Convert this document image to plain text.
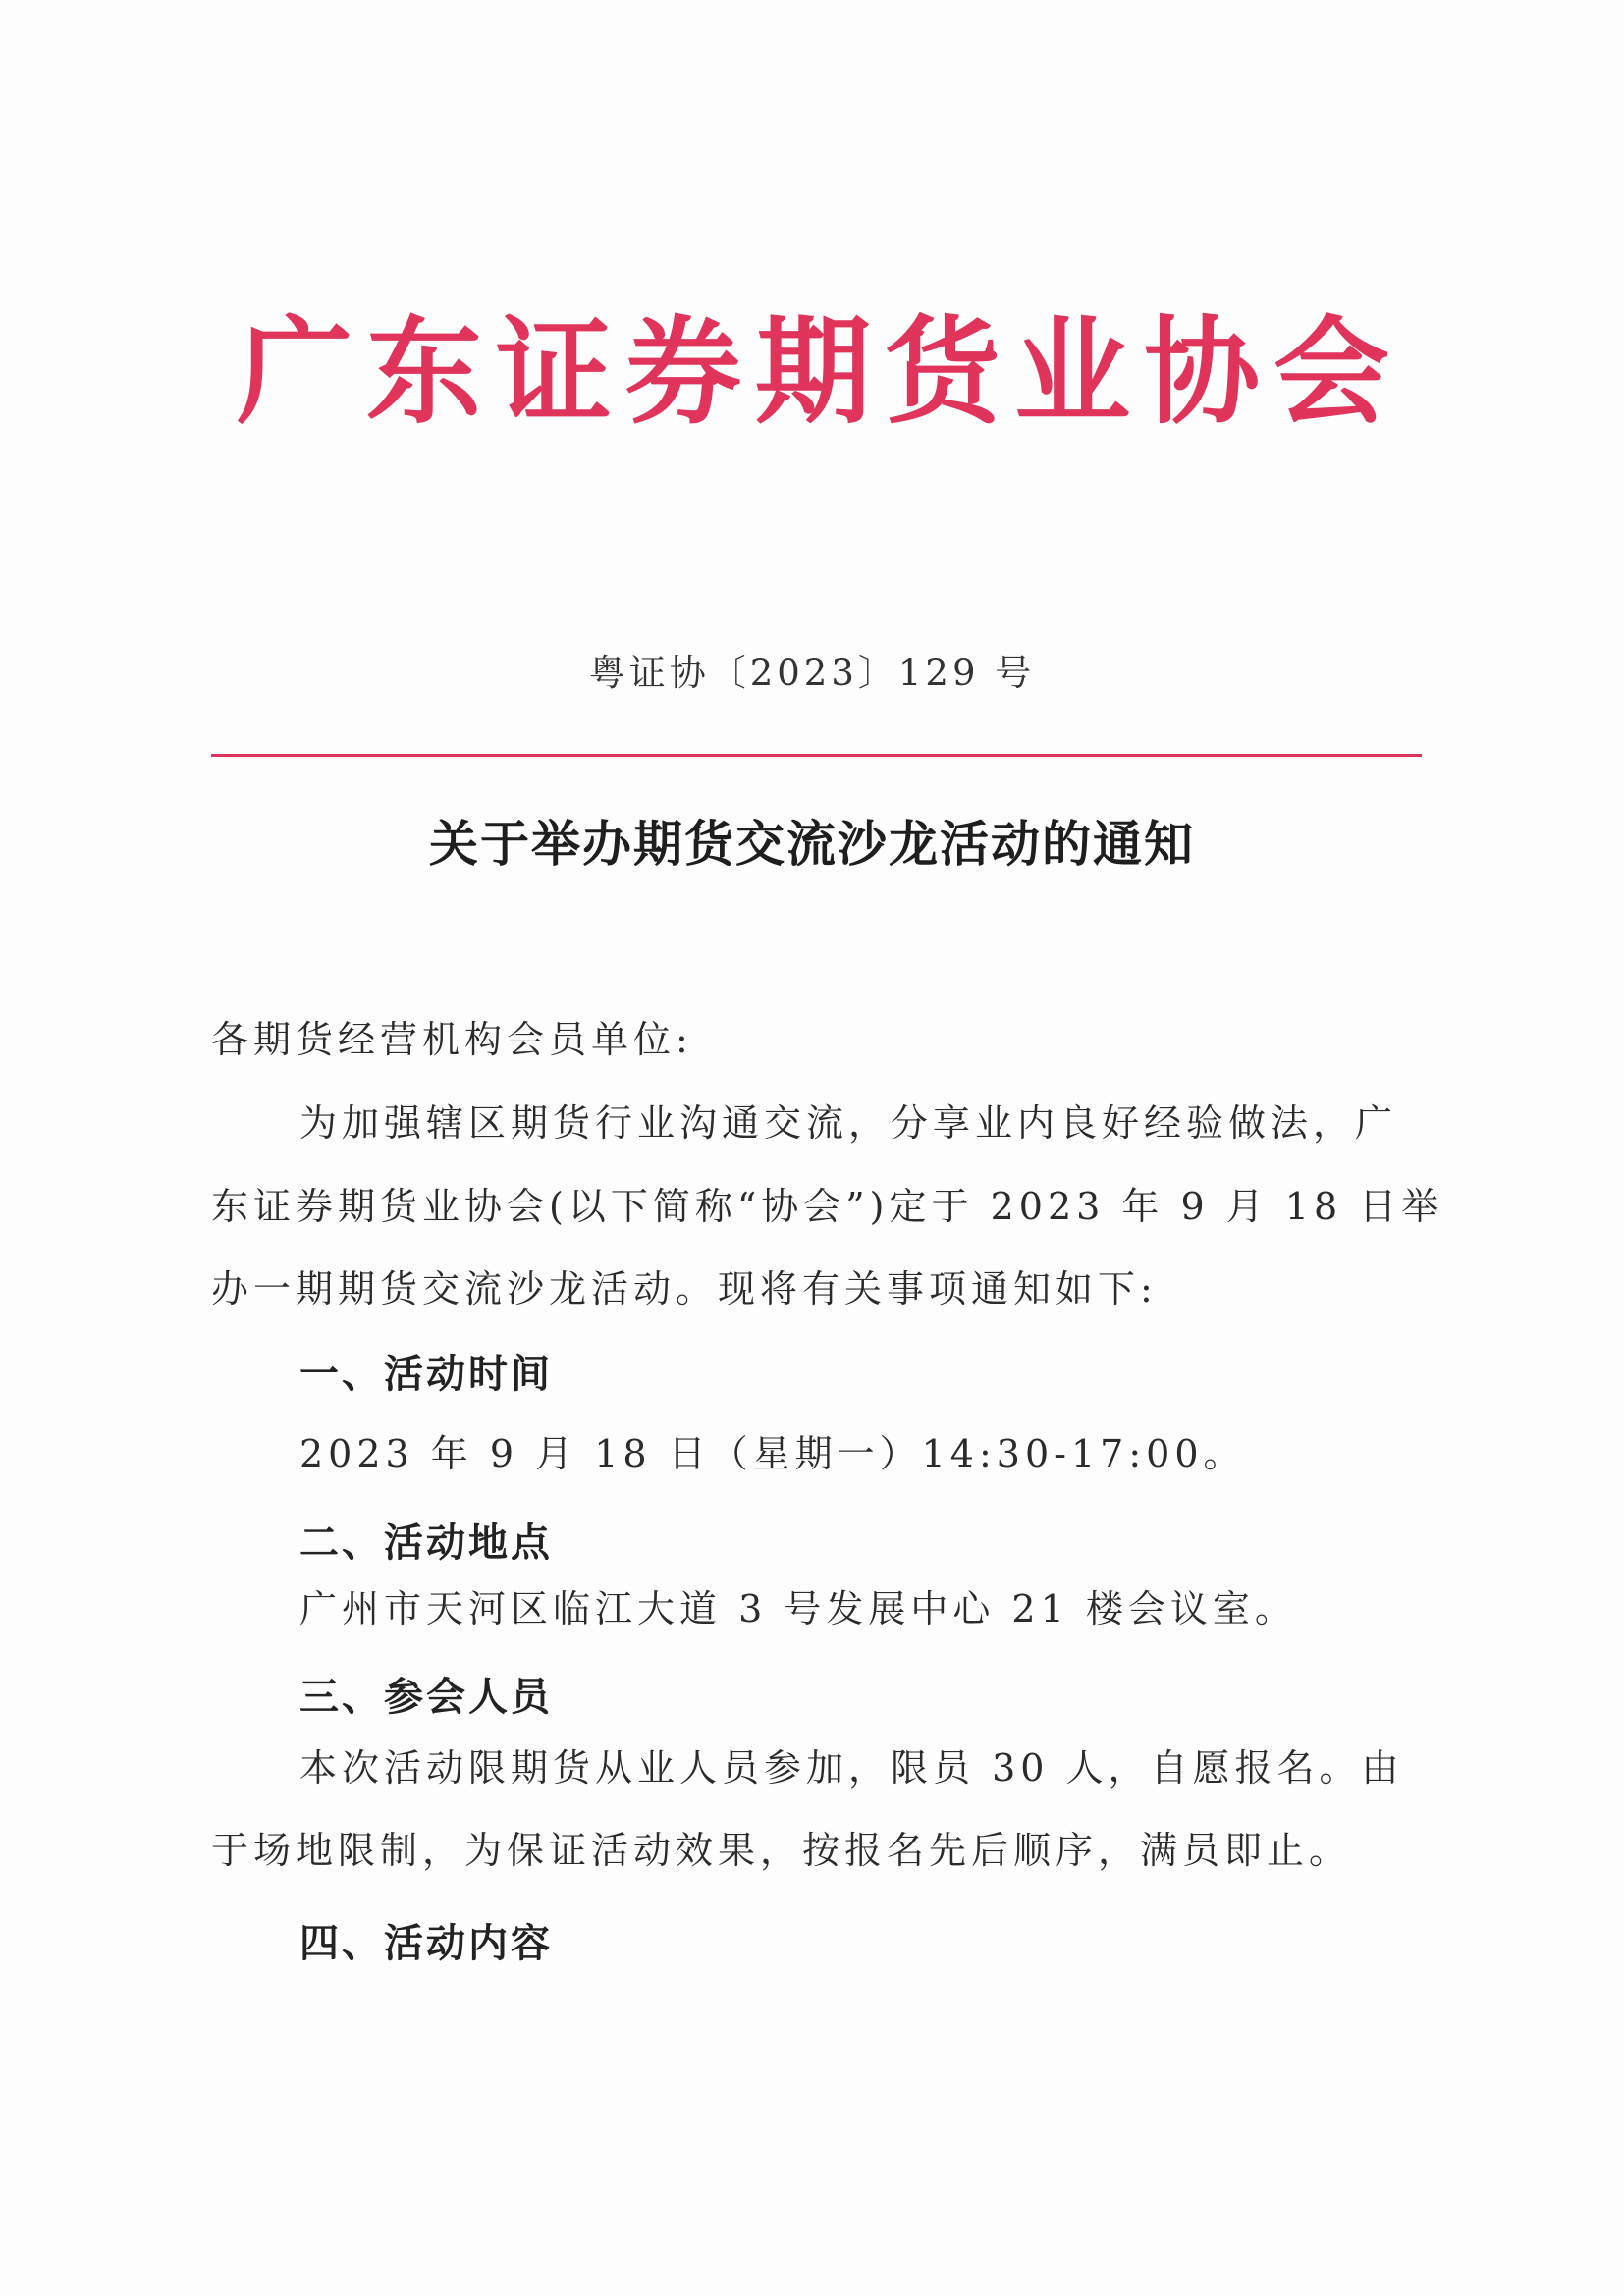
广东证券期货业协会
粤证协〔2023〕129 号
关于举办期货交流沙龙活动的通知
各期货经营机构会员单位:
为加强辖区期货行业沟通交流，分享业内良好经验做法，广
东证券期货业协会(以下简称“协会”)定于 2023 年 9 月 18 日举
办一期期货交流沙龙活动。现将有关事项通知如下:
一、活动时间
2023 年 9 月 18 日（星期一）14:30-17:00。
二、活动地点
广州市天河区临江大道 3 号发展中心 21 楼会议室。
三、参会人员
本次活动限期货从业人员参加，限员 30 人，自愿报名。由
于场地限制，为保证活动效果，按报名先后顺序，满员即止。
四、活动内容
